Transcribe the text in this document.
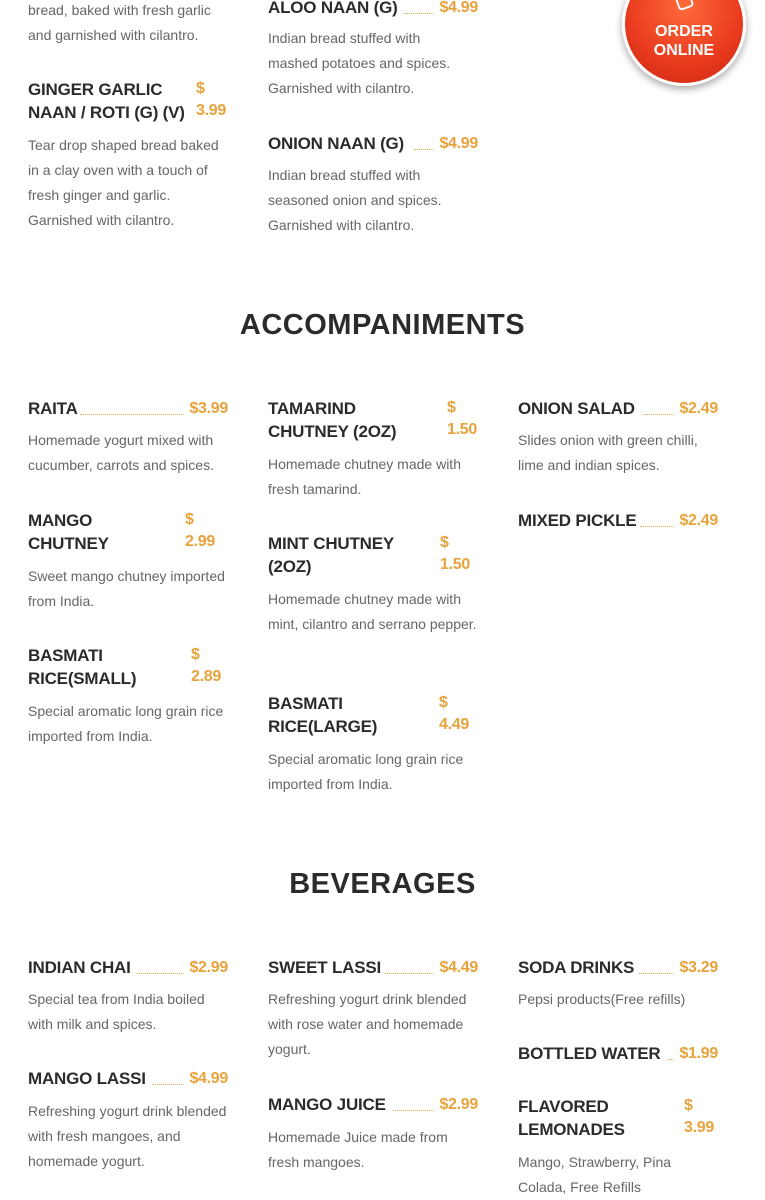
bread, baked with fresh garlic and garnished with cilantro.
GINGER GARLIC NAAN / ROTI (G) (V)
$
3.99
Tear drop shaped bread baked in a clay oven with a touch of fresh ginger and garlic. Garnished with cilantro.
ALOO NAAN (G)	$4.99
Indian bread stuffed with mashed potatoes and spices. Garnished with cilantro.
ONION NAAN (G) $4.99
Indian bread stuffed with seasoned onion and spices. Garnished with cilantro.
ORDER
ONLINE
ACCOMPANIMENTS
RAITA	$3.99
Homemade yogurt mixed with cucumber, carrots and spices.
MANGO CHUTNEY
$
2.99
Sweet mango chutney imported from India.
BASMATI RICE(SMALL)
$
2.89
Special aromatic long grain rice imported from India.
TAMARIND CHUTNEY (2OZ)
$
1.50
Homemade chutney made with fresh tamarind.
MINT CHUTNEY (2OZ)
$
1.50
Homemade chutney made with mint, cilantro and serrano pepper.
BASMATI RICE(LARGE)
$
4.49
Special aromatic long grain rice imported from India.
ONION SALAD	$2.49
Slides onion with green chilli, lime and indian spices.
MIXED PICKLE	$2.49
BEVERAGES
INDIAN CHAI	$2.99
Special tea from India boiled with milk and spices.
MANGO LASSI	$4.99
Refreshing yogurt drink blended with fresh mangoes, and homemade yogurt.
SWEET LASSI	$4.49
Refreshing yogurt drink blended with rose water and homemade yogurt.
MANGO JUICE	$2.99
Homemade Juice made from fresh mangoes.
SODA DRINKS	$3.29
Pepsi products(Free refills)
BOTTLED WATER $1.99
FLAVORED LEMONADES
$
3.99
Mango, Strawberry, Pina Colada, Free Refills
